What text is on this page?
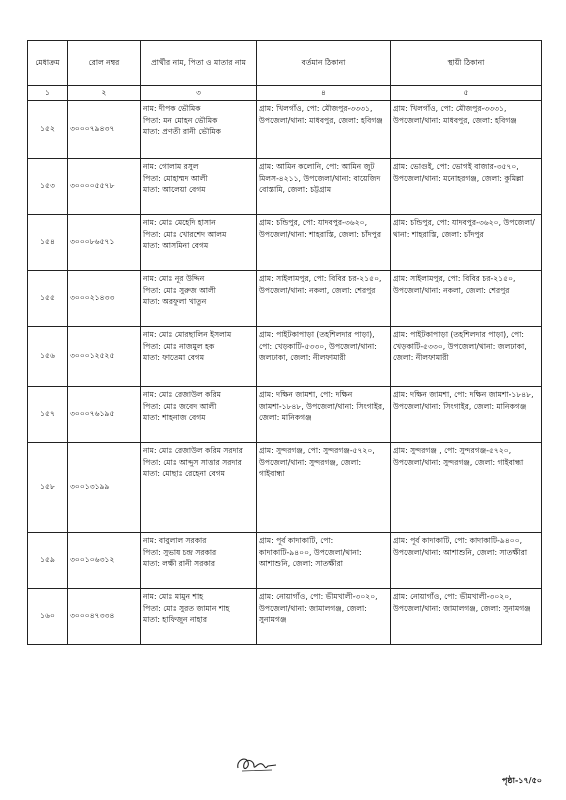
মেধাক্রম	রোল নম্বর	প্রার্থীর নাম, পিতা ও মাতার নাম	বর্তমান ঠিকানা	স্থায়ী ঠিকানা
১	২	৩	৪	৫
১৫২	৩০০০৭৯৪৩৭	নাম: দীপক ভৌমিক
পিতা: মন মোহন ভৌমিক
মাতা: প্রণতী রানী ভৌমিক	গ্রাম: খিলগাঁও, পো: মৌজপুর-৩৩৩১, উপজেলা/থানা: মাধবপুর, জেলা: হবিগঞ্জ	গ্রাম: খিলগাঁও, পো: মৌজপুর-৩৩৩১, উপজেলা/থানা: মাধবপুর, জেলা: হবিগঞ্জ
১৫৩	৩০০০০৫৫৭৮	নাম: গোলাম রসুল
পিতা: মোহাম্মদ আলী
মাতা: আলেয়া বেগম	গ্রাম: আমিন কলোনি, পো: আমিন জুট মিলস-৪২১১, উপজেলা/থানা: বায়েজিদ বোস্তামি, জেলা: চট্টগ্রাম	গ্রাম: ভোগুই, পো: ভোগই বাজার-৩৫৭০, উপজেলা/থানা: মনোহরগঞ্জ, জেলা: কুমিল্লা
১৫৪	৩০০০৮৬৫৭১	নাম: মোঃ মেহেদি হাসান
পিতা: মোঃ খোরশেদ আলম
মাতা: আসমিনা বেগম	গ্রাম: চন্ডিপুর, পো: যাদবপুর-৩৬২০, উপজেলা/থানা: শাহরাস্তি, জেলা: চাঁদপুর	গ্রাম: চন্ডিপুর, পো: যাদবপুর-৩৬২০, উপজেলা/থানা: শাহরাস্তি, জেলা: চাঁদপুর
১৫৫	৩০০০২১৪৩৩	নাম: মোঃ নূর উদ্দিন
পিতা: মোঃ সুরুজ আলী
মাতা: অরফুলা খাতুন	গ্রাম: সাইলামপুর, পো: বিবির চর-২১৫০, উপজেলা/থানা: নকলা, জেলা: শেরপুর	গ্রাম: সাইলামপুর, পো: বিবির চর-২১৫০, উপজেলা/থানা: নকলা, জেলা: শেরপুর
১৫৬	৩০০০১২৫২৫	নাম: মোঃ মোরছালিন ইসলাম
পিতা: মোঃ নাজমুল হক
মাতা: ফাতেমা বেগম	গ্রাম: পাইটকাপাড়া (তহশিলদার পাড়া), পো: খেড়কাটি-৫৩৩০, উপজেলা/থানা: জলঢাকা, জেলা: নীলফামারী	গ্রাম: পাইটকাপাড়া (তহশিলদার পাড়া), পো: খেড়কাটি-৫৩৩০, উপজেলা/থানা: জলঢাকা, জেলা: নীলফামারী
১৫৭	৩০০০৭৬১৯৫	নাম: মোঃ রেজাউল করিম
পিতা: মোঃ জবেদ আলী
মাতা: শাহনাজ বেগম	গ্রাম: দক্ষিন জামশা, পো: দক্ষিন জামশা-১৮৪৮, উপজেলা/থানা: সিংগাইর, জেলা: মানিকগঞ্জ	গ্রাম: দক্ষিন জামশা, পো: দক্ষিন জামশা-১৮৪৮, উপজেলা/থানা: সিংগাইর, জেলা: মানিকগঞ্জ
১৫৮	৩০০১৩১৯৯	নাম: মোঃ রেজাউল করিম সরদার
পিতা: মোঃ আব্দুস সাত্তার সরদার
মাতা: মোছাঃ রেহেনা বেগম	গ্রাম: সুন্দরগঞ্জ, পো: সুন্দরগঞ্জ-৫৭২০, উপজেলা/থানা: সুন্দরগঞ্জ, জেলা: গাইবান্ধা	গ্রাম: সুন্দরগঞ্জ , পো: সুন্দরগঞ্জ-৫৭২০, উপজেলা/থানা: সুন্দরগঞ্জ, জেলা: গাইবান্ধা
১৫৯	৩০০১০৬৩১২	নাম: বাবুলাল সরকার
পিতা: সুভাষ চন্দ্র সরকার
মাতা: লক্ষী রানী সরকার	গ্রাম: পূর্ব কাদাকাটি, পো: কাদাকাটি-৯৪০০, উপজেলা/থানা: আশাশুনি, জেলা: সাতক্ষীরা	গ্রাম: পূর্ব কাদাকাটি, পো: কাদাকাটি-৯৪০০, উপজেলা/থানা: আশাশুনি, জেলা: সাতক্ষীরা
১৬০	৩০০০৪৭৩৩৪	নাম: মোঃ মামুন শাহ
পিতা: মোঃ সুরত জামান শাহ
মাতা: হাফিজুন নাহার	গ্রাম: নোয়াগাঁও, পো: ভীমখালী-৩০২০, উপজেলা/থানা: জামালগঞ্জ, জেলা: সুনামগঞ্জ	গ্রাম: নোয়াগাঁও, পো: ভীমখালী-৩০২০, উপজেলা/থানা: জামালগঞ্জ, জেলা: সুনামগঞ্জ
পৃষ্ঠা-১৭/৫০
